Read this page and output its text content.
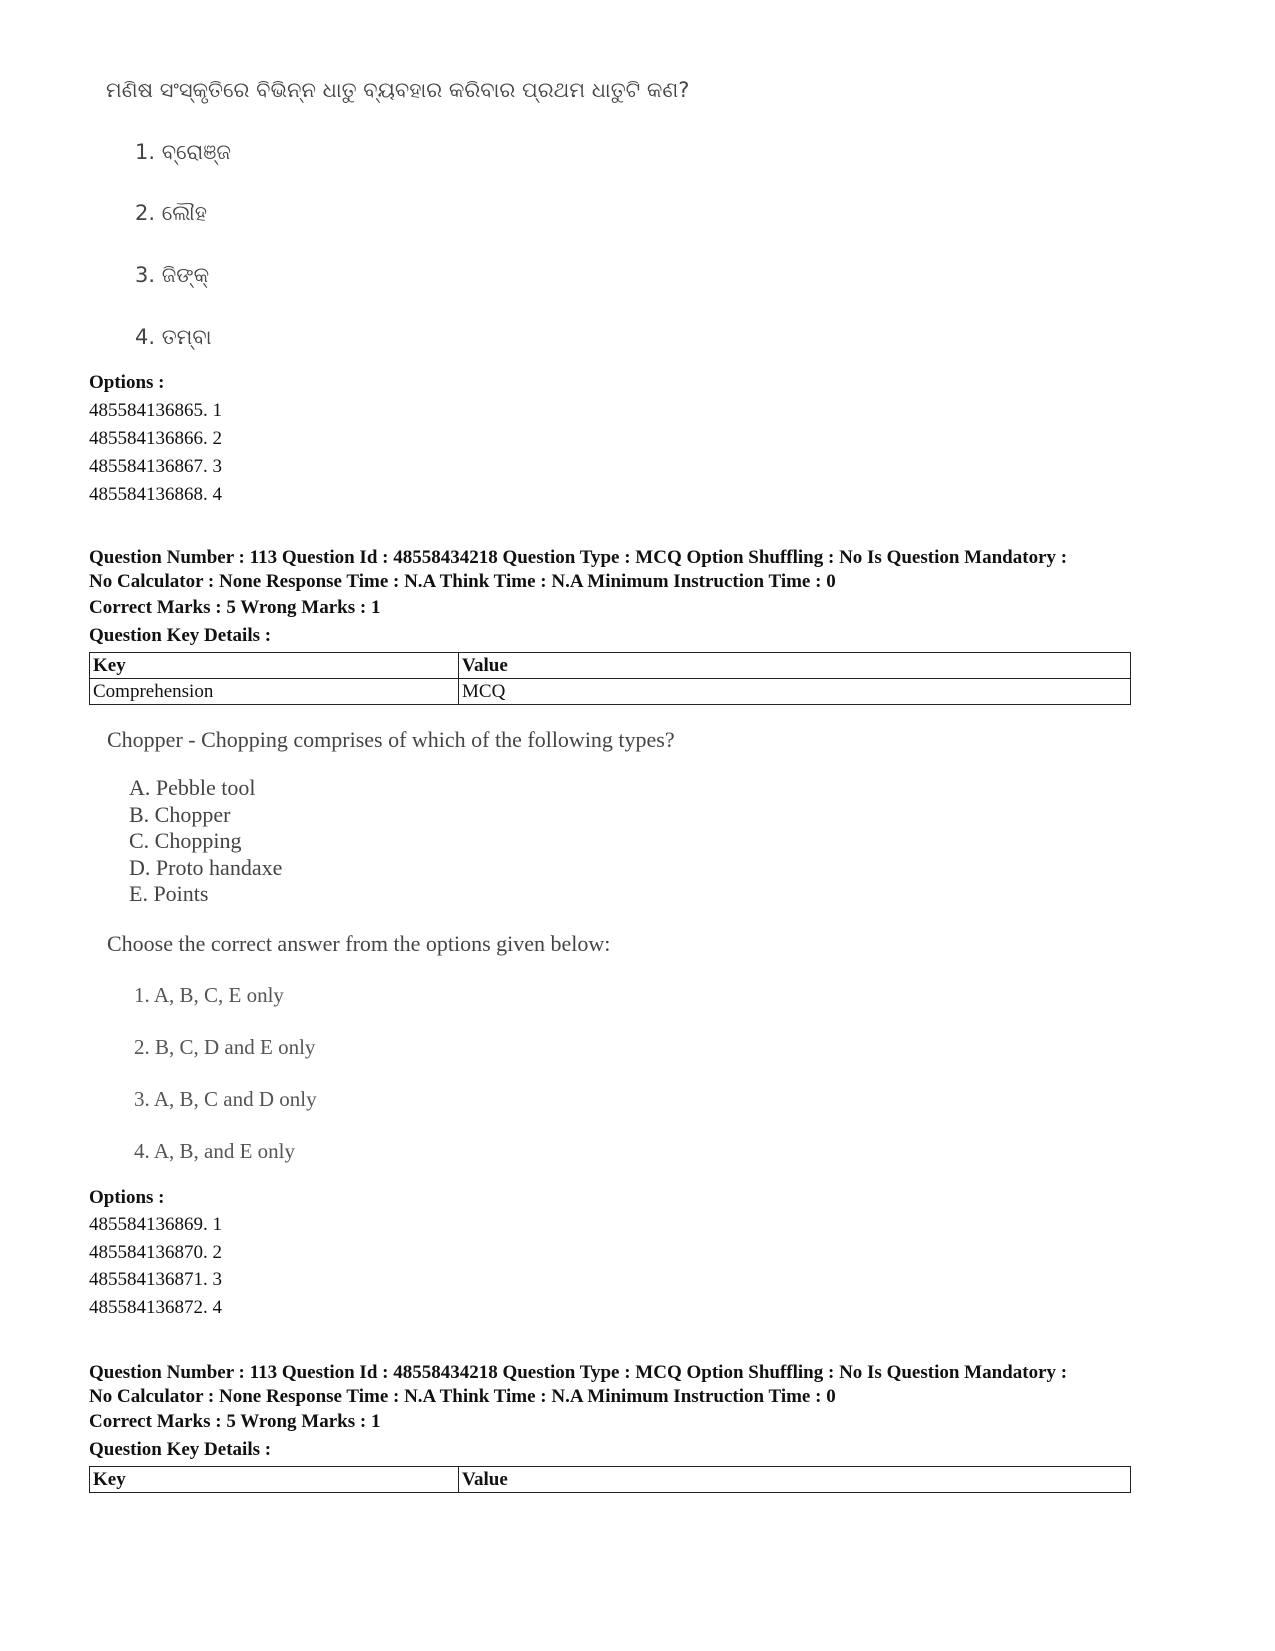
ମଣିଷ ସଂସ୍କୃତିରେ ବିଭିନ୍ନ ଧାତୁ ବ୍ୟବହାର କରିବାର ପ୍ରଥମ ଧାତୁଟି କଣ?
1. ବ୍ରୋଞ୍ଜ
2. ଲୌହ
3. ଜିଙ୍କ୍
4. ତମ୍ବା
Options :
485584136865. 1
485584136866. 2
485584136867. 3
485584136868. 4
Question Number : 113 Question Id : 48558434218 Question Type : MCQ Option Shuffling : No Is Question Mandatory :
No Calculator : None Response Time : N.A Think Time : N.A Minimum Instruction Time : 0
Correct Marks : 5 Wrong Marks : 1
Question Key Details :
Key	Value
Comprehension	MCQ
Chopper - Chopping comprises of which of the following types?
A. Pebble tool
B. Chopper
C. Chopping
D. Proto handaxe
E. Points
Choose the correct answer from the options given below:
1. A, B, C, E only
2. B, C, D and E only
3. A, B, C and D only
4. A, B, and E only
Options :
485584136869. 1
485584136870. 2
485584136871. 3
485584136872. 4
Question Number : 113 Question Id : 48558434218 Question Type : MCQ Option Shuffling : No Is Question Mandatory :
No Calculator : None Response Time : N.A Think Time : N.A Minimum Instruction Time : 0
Correct Marks : 5 Wrong Marks : 1
Question Key Details :
Key	Value
